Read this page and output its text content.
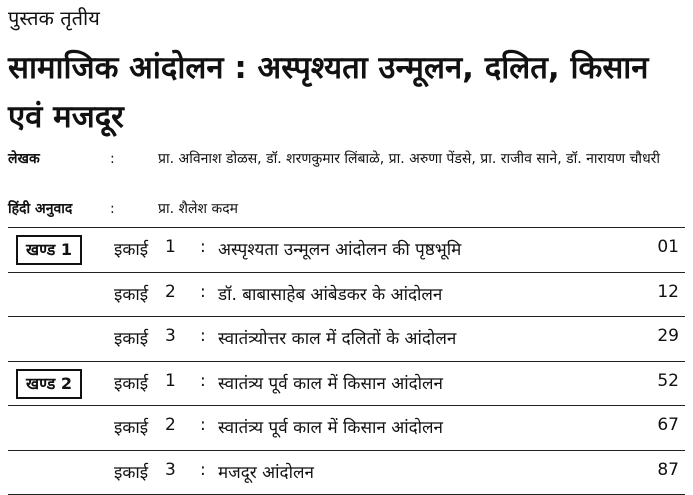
पुस्तक तृतीय
सामाजिक आंदोलन : अस्पृश्यता उन्मूलन, दलित, किसान एवं मजदूर
लेखक	:	प्रा. अविनाश डोळस, डॉ. शरणकुमार लिंबाळे, प्रा. अरुणा पेंडसे, प्रा. राजीव साने, डॉ. नारायण चौधरी
हिंदी अनुवाद	:	प्रा. शैलेश कदम
खण्ड 1	इकाई 1 : अस्पृश्यता उन्मूलन आंदोलन की पृष्ठभूमि	01
इकाई 2 : डॉ. बाबासाहेब आंबेडकर के आंदोलन	12
इकाई 3 : स्वातंत्र्योत्तर काल में दलितों के आंदोलन	29
खण्ड 2	इकाई 1 : स्वातंत्र्य पूर्व काल में किसान आंदोलन	52
इकाई 2 : स्वातंत्र्य पूर्व काल में किसान आंदोलन	67
इकाई 3 : मजदूर आंदोलन	87
